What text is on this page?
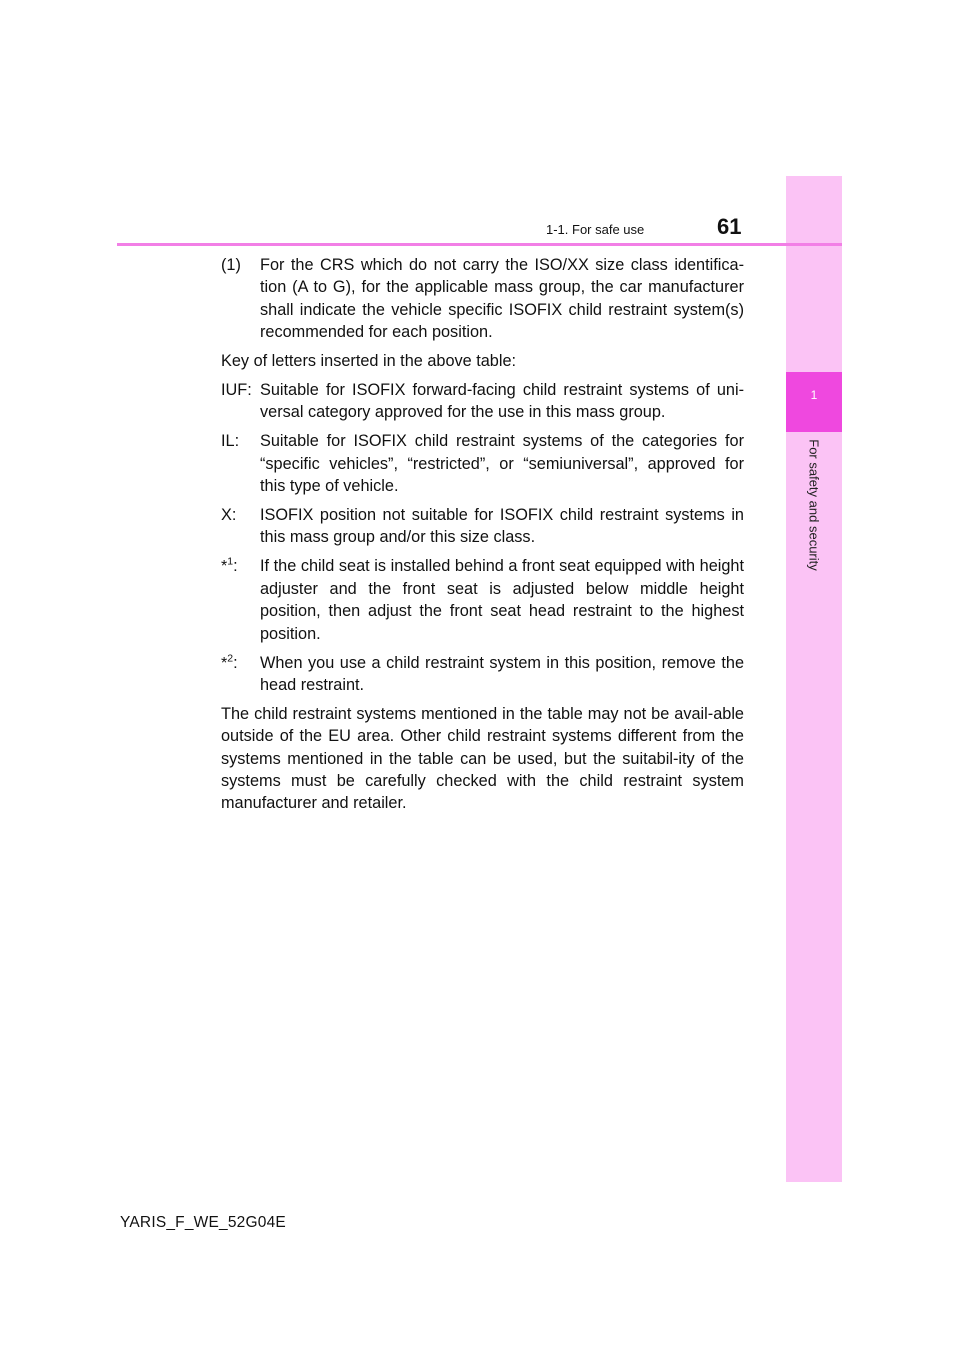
1
For safety and security
1-1. For safe use	61
(1)	For the CRS which do not carry the ISO/XX size class identifica-tion (A to G), for the applicable mass group, the car manufacturer shall indicate the vehicle specific ISOFIX child restraint system(s) recommended for each position.

Key of letters inserted in the above table:

IUF: Suitable for ISOFIX forward-facing child restraint systems of uni-versal category approved for the use in this mass group.
IL:	Suitable for ISOFIX child restraint systems of the categories for “specific vehicles”, “restricted”, or “semiuniversal”, approved for this type of vehicle.
X:	ISOFIX position not suitable for ISOFIX child restraint systems in this mass group and/or this size class.
*$^1$:	If the child seat is installed behind a front seat equipped with height adjuster and the front seat is adjusted below middle height position, then adjust the front seat head restraint to the highest position.
*$^2$:	When you use a child restraint system in this position, remove the head restraint.

The child restraint systems mentioned in the table may not be avail-able outside of the EU area. Other child restraint systems different from the systems mentioned in the table can be used, but the suitabil-ity of the systems must be carefully checked with the child restraint system manufacturer and retailer.

YARIS_F_WE_52G04E
